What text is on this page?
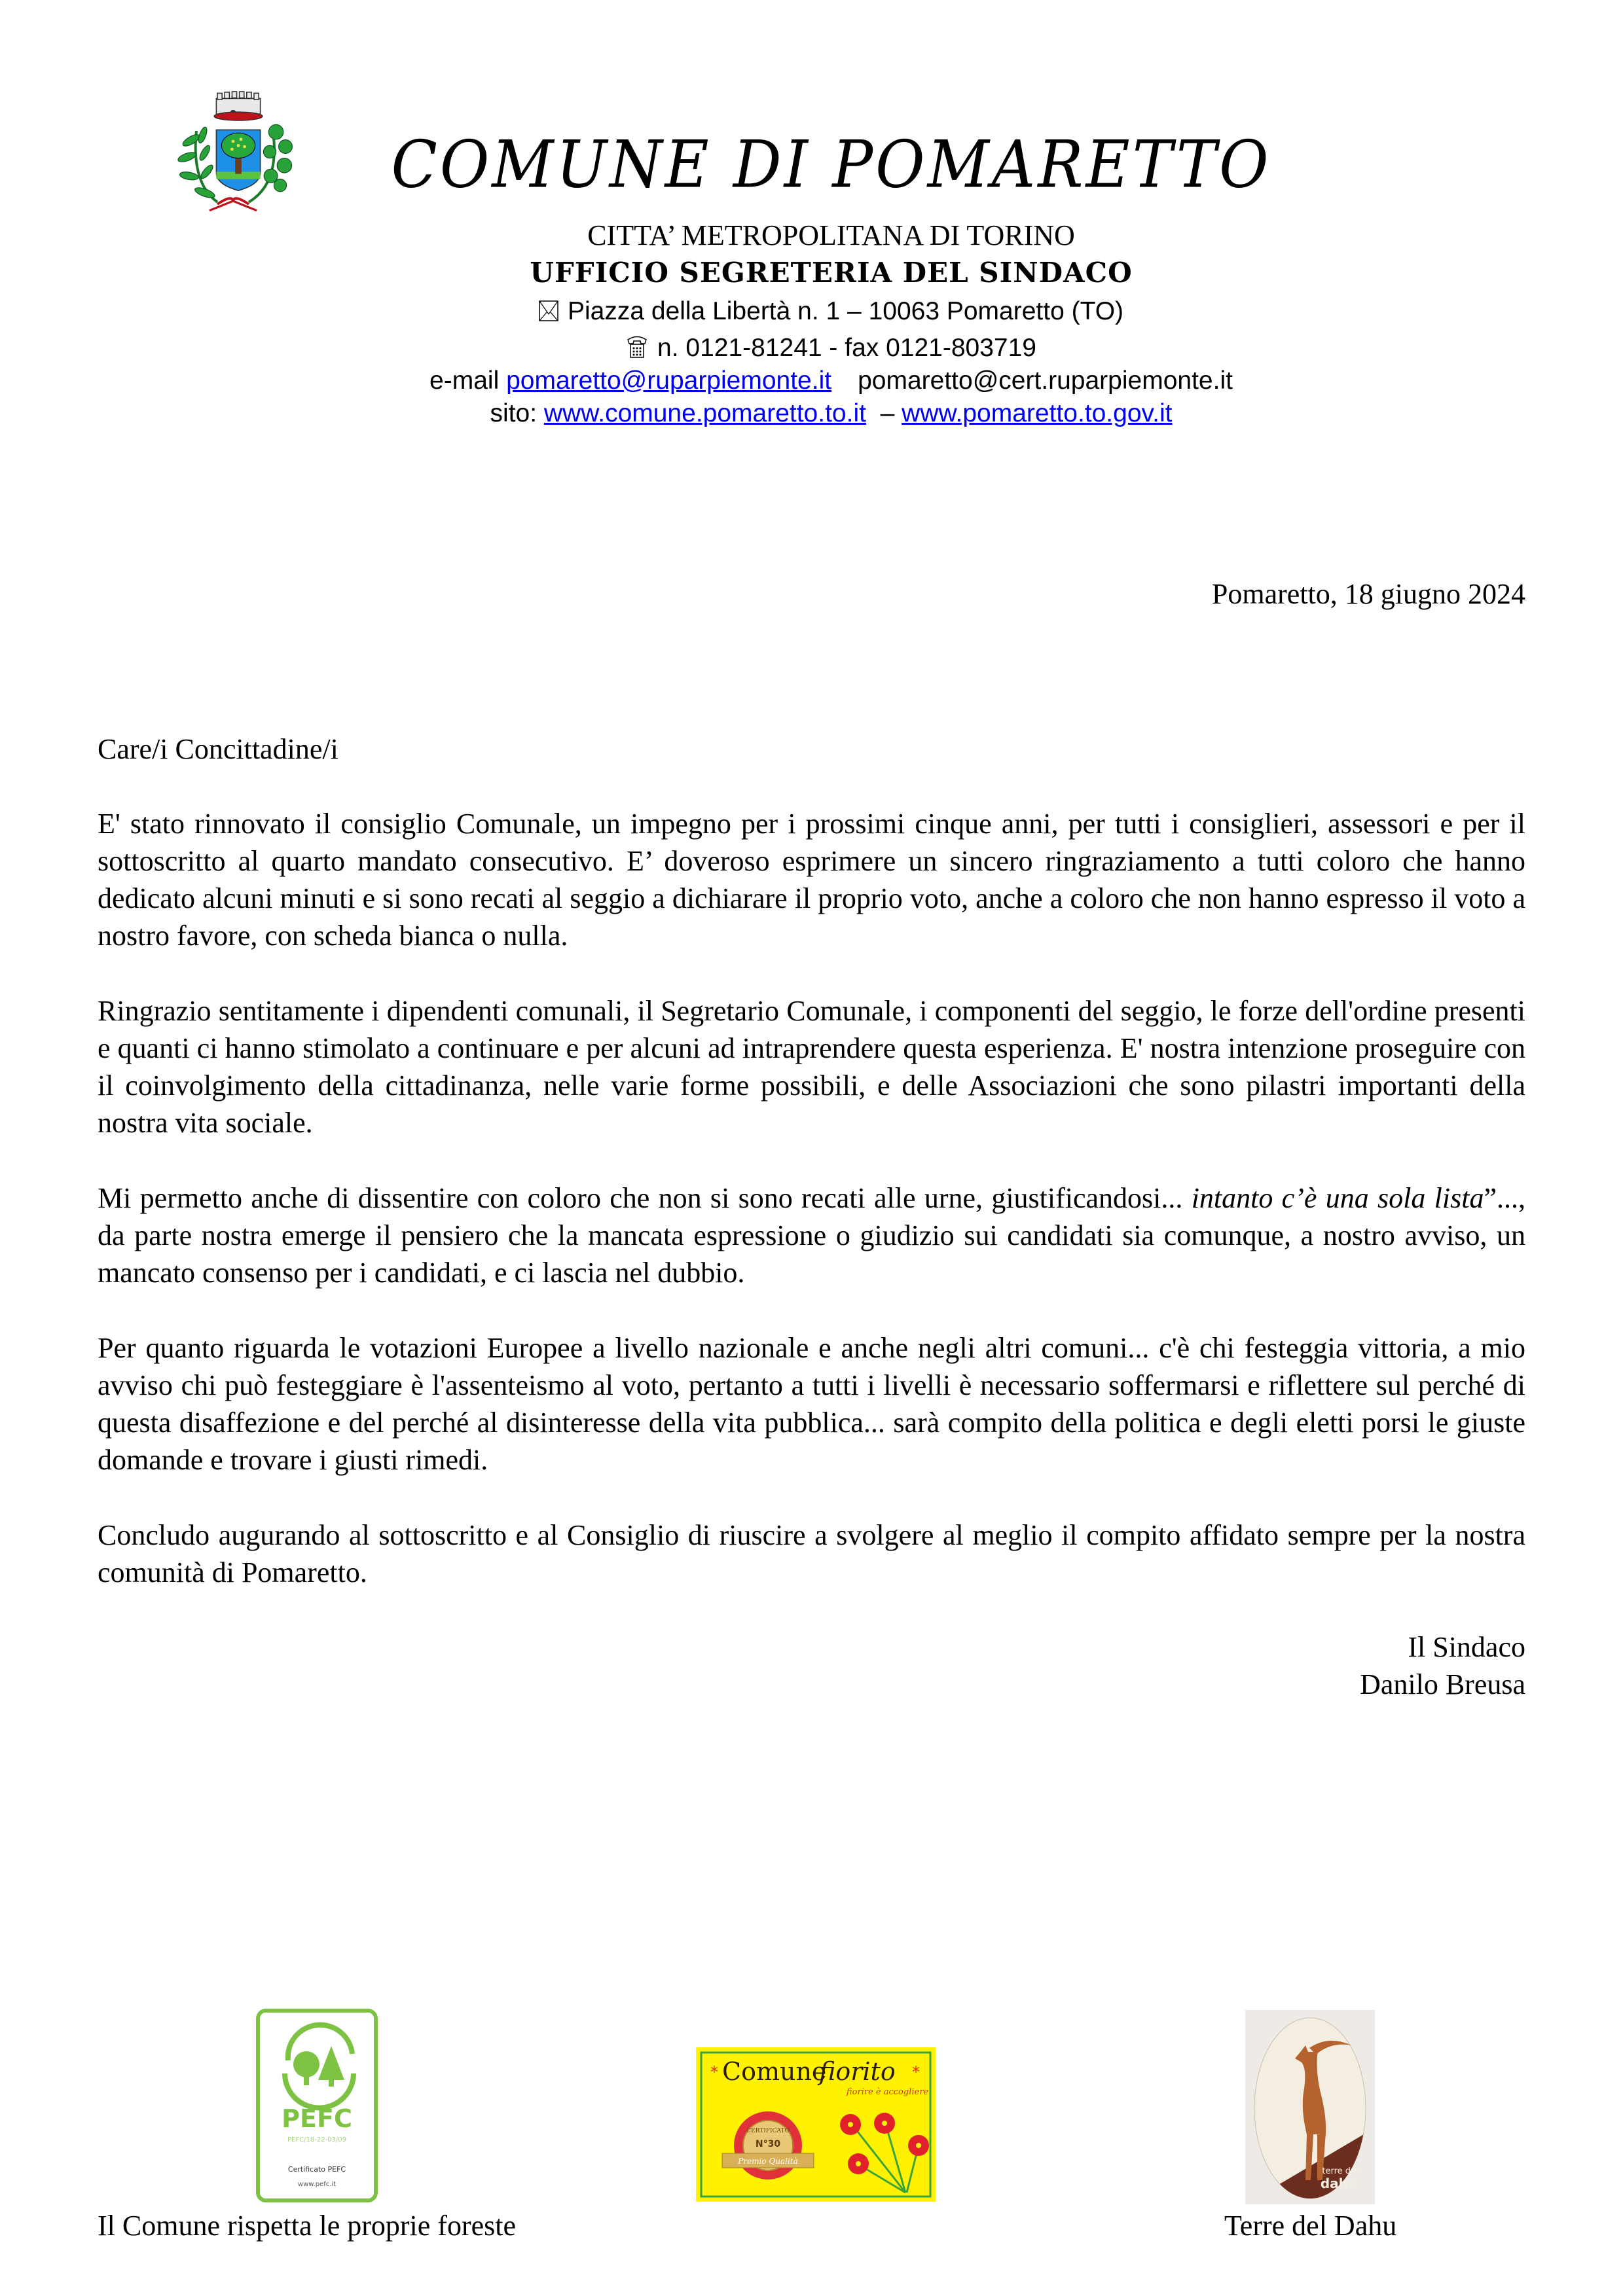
COMUNE DI POMARETTO
CITTA’ METROPOLITANA DI TORINO
UFFICIO SEGRETERIA DEL SINDACO
Piazza della Libertà n. 1 – 10063 Pomaretto (TO)
n. 0121-81241 - fax 0121-803719
e-mail pomaretto@ruparpiemonte.it pomaretto@cert.ruparpiemonte.it
sito: www.comune.pomaretto.to.it – www.pomaretto.to.gov.it
Pomaretto, 18 giugno 2024
Care/i Concittadine/i
E' stato rinnovato il consiglio Comunale, un impegno per i prossimi cinque anni, per tutti i consiglieri, assessori e per il sottoscritto al quarto mandato consecutivo. E’ doveroso esprimere un sincero ringraziamento a tutti coloro che hanno dedicato alcuni minuti e si sono recati al seggio a dichiarare il proprio voto, anche a coloro che non hanno espresso il voto a nostro favore, con scheda bianca o nulla.
Ringrazio sentitamente i dipendenti comunali, il Segretario Comunale, i componenti del seggio, le forze dell'ordine presenti e quanti ci hanno stimolato a continuare e per alcuni ad intraprendere questa esperienza. E' nostra intenzione proseguire con il coinvolgimento della cittadinanza, nelle varie forme possibili, e delle Associazioni che sono pilastri importanti della nostra vita sociale.
Mi permetto anche di dissentire con coloro che non si sono recati alle urne, giustificandosi... intanto c’è una sola lista”..., da parte nostra emerge il pensiero che la mancata espressione o giudizio sui candidati sia comunque, a nostro avviso, un mancato consenso per i candidati, e ci lascia nel dubbio.
Per quanto riguarda le votazioni Europee a livello nazionale e anche negli altri comuni... c'è chi festeggia vittoria, a mio avviso chi può festeggiare è l'assenteismo al voto, pertanto a tutti i livelli è necessario soffermarsi e riflettere sul perché di questa disaffezione e del perché al disinteresse della vita pubblica... sarà compito della politica e degli eletti porsi le giuste domande e trovare i giusti rimedi.
Concludo augurando al sottoscritto e al Consiglio di riuscire a svolgere al meglio il compito affidato sempre per la nostra comunità di Pomaretto.
Il Sindaco
Danilo Breusa
PEFC
PEFC/18-22-03/09
Certificato PEFC
www.pefc.it
Comune
fiorito
*	*
fiorire è accogliere
CERTIFICATO
N°30
Premio Qualità
terre del
dahu
Il Comune rispetta le proprie foreste	Terre del Dahu
